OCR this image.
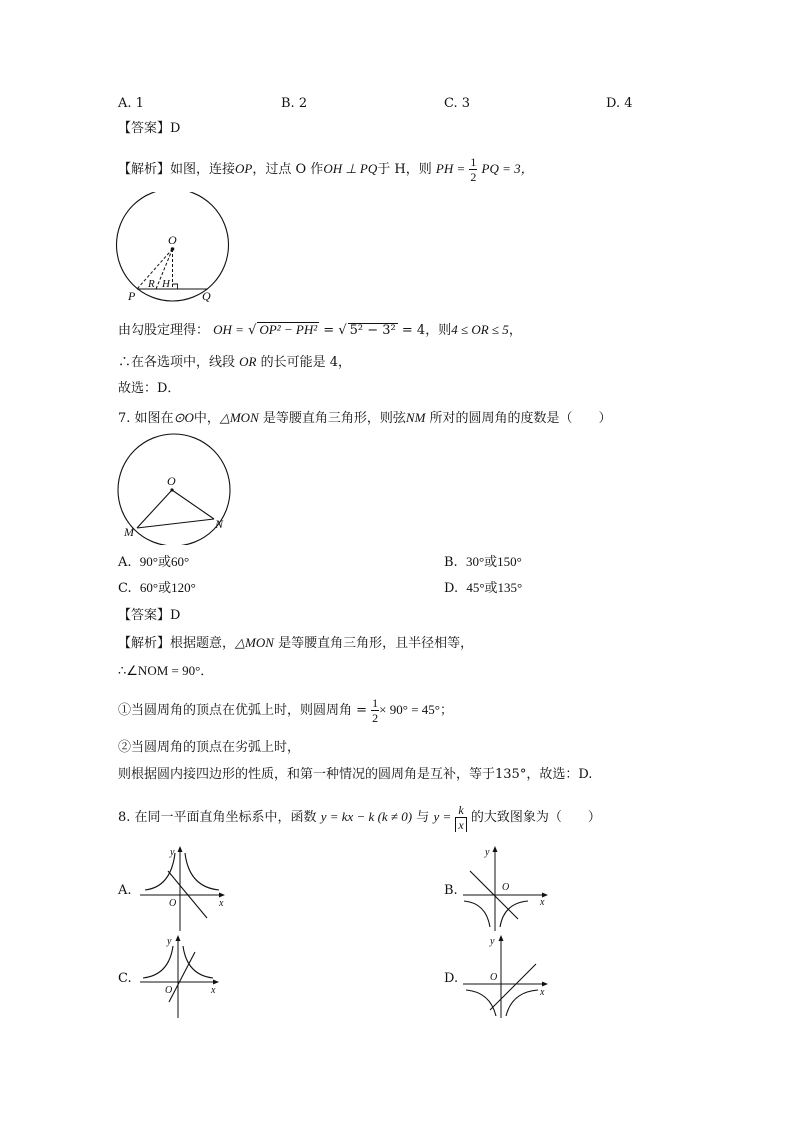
A. 1	B. 2	C. 3	D. 4
【答案】D
【解析】如图，连接OP，过点 O 作OH ⊥ PQ于 H，则 PH = $\frac{1}{2}$ PQ = 3，
O
P
R H
Q
由勾股定理得： OH = √ OP² − PH² = √ 5² − 3² = 4，则4 ≤ OR ≤ 5，
∴在各选项中，线段 OR 的长可能是 4，
故选：D．
7. 如图在⊙O中，△MON 是等腰直角三角形，则弦NM 所对的圆周角的度数是（　　）
O
M
N
A. 90°或60°	B. 30°或150°
C. 60°或120°	D. 45°或135°
【答案】D
【解析】根据题意，△MON 是等腰直角三角形，且半径相等，
∴∠NOM = 90°．
①当圆周角的顶点在优弧上时，则圆周角 = $\frac{1}{2} \times 90^\circ = 45^\circ$；
②当圆周角的顶点在劣弧上时，
则根据圆内接四边形的性质，和第一种情况的圆周角是互补，等于135°，故选：D.
8. 在同一平面直角坐标系中，函数 y = kx − k (k ≠ 0) 与 $y = \frac{k}{x}$ 的大致图象为（　　）
A.
x
y
O
B.
x
y
O
C.
x
y
O
D.
x
y
O
